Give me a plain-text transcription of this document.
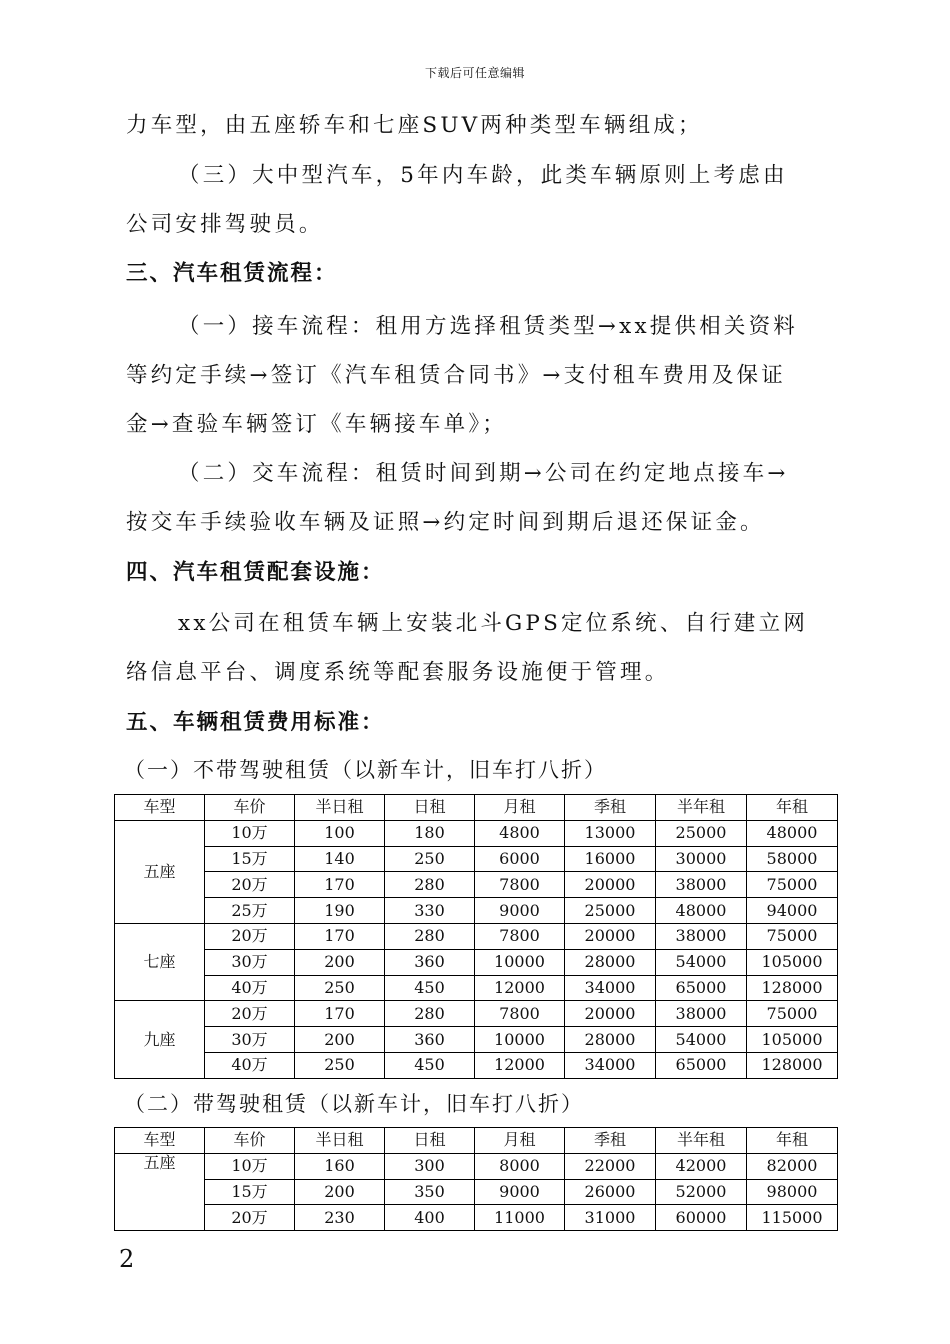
下载后可任意编辑
力车型，由五座轿车和七座SUV两种类型车辆组成；
（三）大中型汽车，5年内车龄，此类车辆原则上考虑由
公司安排驾驶员。
三、汽车租赁流程：
（一）接车流程：租用方选择租赁类型→xx提供相关资料
等约定手续→签订《汽车租赁合同书》→支付租车费用及保证
金→查验车辆签订《车辆接车单》；
（二）交车流程：租赁时间到期→公司在约定地点接车→
按交车手续验收车辆及证照→约定时间到期后退还保证金。
四、汽车租赁配套设施：
xx公司在租赁车辆上安装北斗GPS定位系统、自行建立网
络信息平台、调度系统等配套服务设施便于管理。
五、车辆租赁费用标准：
（一）不带驾驶租赁（以新车计，旧车打八折）
车型	车价	半日租	日租	月租	季租	半年租	年租
五座	10万	100	180	4800	13000	25000	48000
	15万	140	250	6000	16000	30000	58000
	20万	170	280	7800	20000	38000	75000
	25万	190	330	9000	25000	48000	94000
七座	20万	170	280	7800	20000	38000	75000
	30万	200	360	10000	28000	54000	105000
	40万	250	450	12000	34000	65000	128000
九座	20万	170	280	7800	20000	38000	75000
	30万	200	360	10000	28000	54000	105000
	40万	250	450	12000	34000	65000	128000
（二）带驾驶租赁（以新车计，旧车打八折）
车型	车价	半日租	日租	月租	季租	半年租	年租
五座	10万	160	300	8000	22000	42000	82000
	15万	200	350	9000	26000	52000	98000
	20万	230	400	11000	31000	60000	115000
2
